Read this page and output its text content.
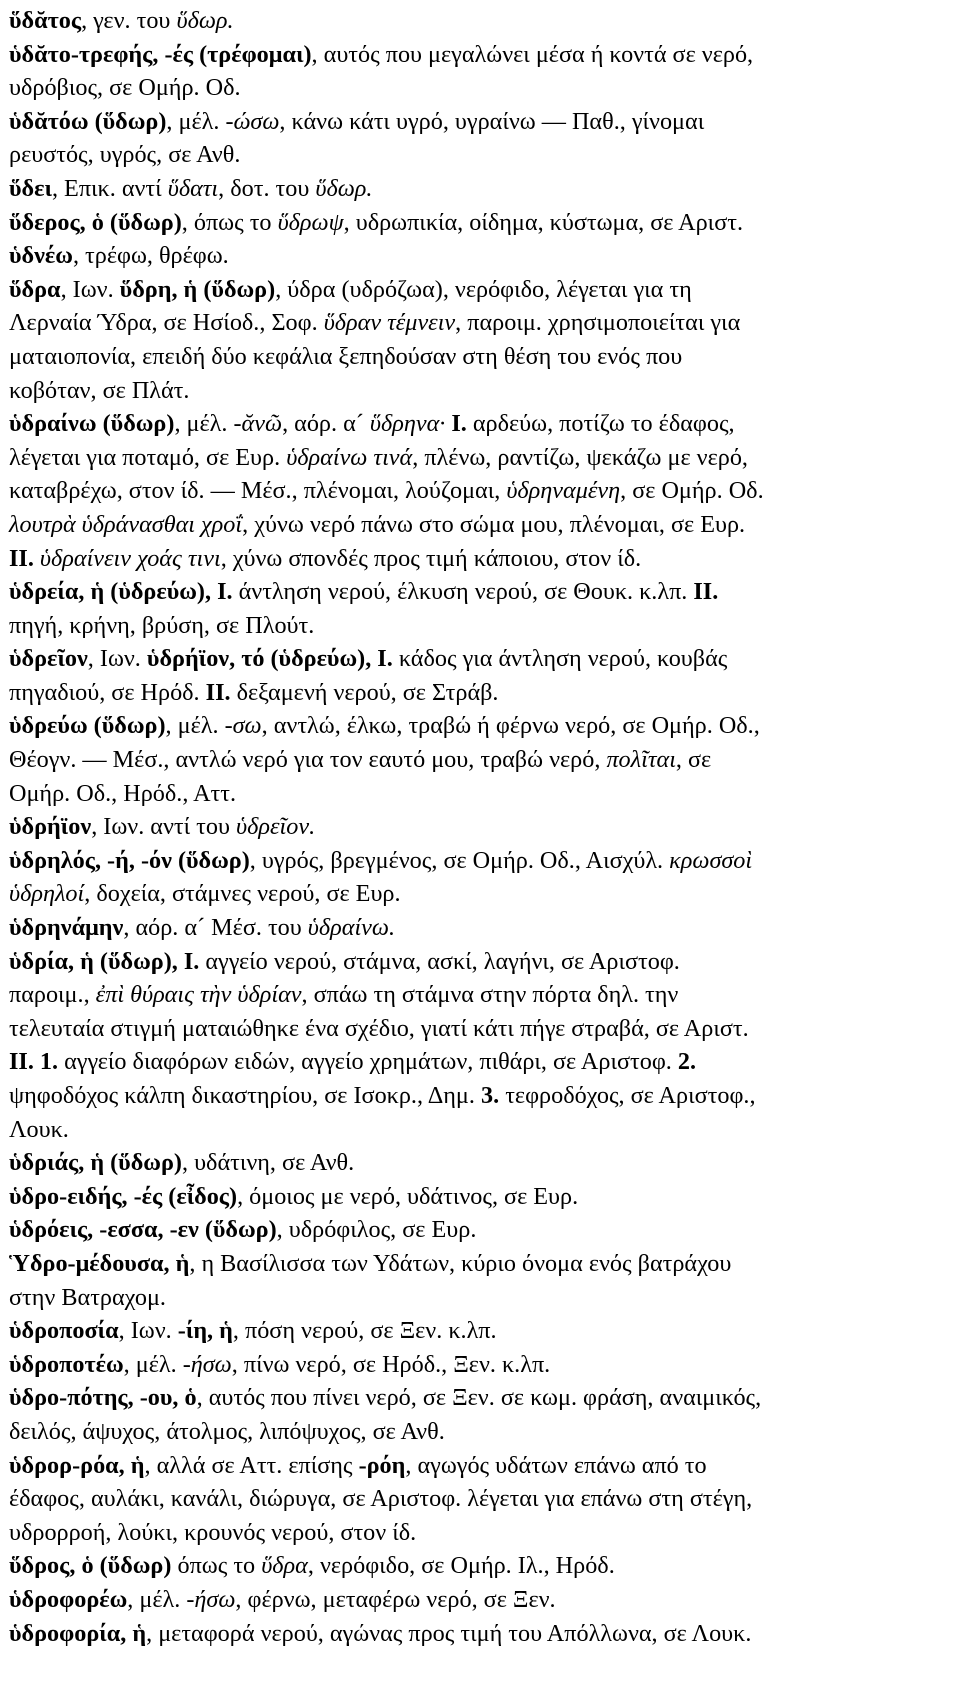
ὕδᾰτος, γεν. του ὕδωρ.
ὑδᾰτο-τρεφής, -ές (τρέφομαι), αυτός που μεγαλώνει μέσα ή κοντά σε νερό,
υδρόβιος, σε Ομήρ. Οδ.
ὑδᾰτόω (ὕδωρ), μέλ. -ώσω, κάνω κάτι υγρό, υγραίνω — Παθ., γίνομαι
ρευστός, υγρός, σε Ανθ.
ὕδει, Επικ. αντί ὕδατι, δοτ. του ὕδωρ.
ὕδερος, ὁ (ὕδωρ), όπως το ὕδρωψ, υδρωπικία, οίδημα, κύστωμα, σε Αριστ.
ὑδνέω, τρέφω, θρέφω.
ὕδρα, Ιων. ὕδρη, ἡ (ὕδωρ), ύδρα (υδρόζωα), νερόφιδο, λέγεται για τη
Λερναία Ύδρα, σε Ησίοδ., Σοφ. ὕδραν τέμνειν, παροιμ. χρησιμοποιείται για
ματαιοπονία, επειδή δύο κεφάλια ξεπηδούσαν στη θέση του ενός που
κοβόταν, σε Πλάτ.
ὑδραίνω (ὕδωρ), μέλ. -ᾰνῶ, αόρ. α´ ὕδρηνα· I. αρδεύω, ποτίζω το έδαφος,
λέγεται για ποταμό, σε Ευρ. ὑδραίνω τινά, πλένω, ραντίζω, ψεκάζω με νερό,
καταβρέχω, στον ίδ. — Μέσ., πλένομαι, λούζομαι, ὑδρηναμένη, σε Ομήρ. Οδ.
λουτρὰ ὑδράνασθαι χροΐ, χύνω νερό πάνω στο σώμα μου, πλένομαι, σε Ευρ.
II. ὑδραίνειν χοάς τινι, χύνω σπονδές προς τιμή κάποιου, στον ίδ.
ὑδρεία, ἡ (ὑδρεύω), I. άντληση νερού, έλκυση νερού, σε Θουκ. κ.λπ. II.
πηγή, κρήνη, βρύση, σε Πλούτ.
ὑδρεῖον, Ιων. ὑδρήϊον, τό (ὑδρεύω), I. κάδος για άντληση νερού, κουβάς
πηγαδιού, σε Ηρόδ. II. δεξαμενή νερού, σε Στράβ.
ὑδρεύω (ὕδωρ), μέλ. -σω, αντλώ, έλκω, τραβώ ή φέρνω νερό, σε Ομήρ. Οδ.,
Θέογν. — Μέσ., αντλώ νερό για τον εαυτό μου, τραβώ νερό, πολῖται, σε
Ομήρ. Οδ., Ηρόδ., Αττ.
ὑδρήϊον, Ιων. αντί του ὑδρεῖον.
ὑδρηλός, -ή, -όν (ὕδωρ), υγρός, βρεγμένος, σε Ομήρ. Οδ., Αισχύλ. κρωσσοὶ
ὑδρηλοί, δοχεία, στάμνες νερού, σε Ευρ.
ὑδρηνάμην, αόρ. α´ Μέσ. του ὑδραίνω.
ὑδρία, ἡ (ὕδωρ), I. αγγείο νερού, στάμνα, ασκί, λαγήνι, σε Αριστοφ.
παροιμ., ἐπὶ θύραις τὴν ὑδρίαν, σπάω τη στάμνα στην πόρτα δηλ. την
τελευταία στιγμή ματαιώθηκε ένα σχέδιο, γιατί κάτι πήγε στραβά, σε Αριστ.
II. 1. αγγείο διαφόρων ειδών, αγγείο χρημάτων, πιθάρι, σε Αριστοφ. 2.
ψηφοδόχος κάλπη δικαστηρίου, σε Ισοκρ., Δημ. 3. τεφροδόχος, σε Αριστοφ.,
Λουκ.
ὑδριάς, ἡ (ὕδωρ), υδάτινη, σε Ανθ.
ὑδρο-ειδής, -ές (εἶδος), όμοιος με νερό, υδάτινος, σε Ευρ.
ὑδρόεις, -εσσα, -εν (ὕδωρ), υδρόφιλος, σε Ευρ.
Ὑδρο-μέδουσα, ἡ, η Βασίλισσα των Υδάτων, κύριο όνομα ενός βατράχου
στην Βατραχομ.
ὑδροποσία, Ιων. -ίη, ἡ, πόση νερού, σε Ξεν. κ.λπ.
ὑδροποτέω, μέλ. -ήσω, πίνω νερό, σε Ηρόδ., Ξεν. κ.λπ.
ὑδρο-πότης, -ου, ὁ, αυτός που πίνει νερό, σε Ξεν. σε κωμ. φράση, αναιμικός,
δειλός, άψυχος, άτολμος, λιπόψυχος, σε Ανθ.
ὑδρορ-ρόα, ἡ, αλλά σε Αττ. επίσης -ρόη, αγωγός υδάτων επάνω από το
έδαφος, αυλάκι, κανάλι, διώρυγα, σε Αριστοφ. λέγεται για επάνω στη στέγη,
υδρορροή, λούκι, κρουνός νερού, στον ίδ.
ὕδρος, ὁ (ὕδωρ) όπως το ὕδρα, νερόφιδο, σε Ομήρ. Ιλ., Ηρόδ.
ὑδροφορέω, μέλ. -ήσω, φέρνω, μεταφέρω νερό, σε Ξεν.
ὑδροφορία, ἡ, μεταφορά νερού, αγώνας προς τιμή του Απόλλωνα, σε Λουκ.
